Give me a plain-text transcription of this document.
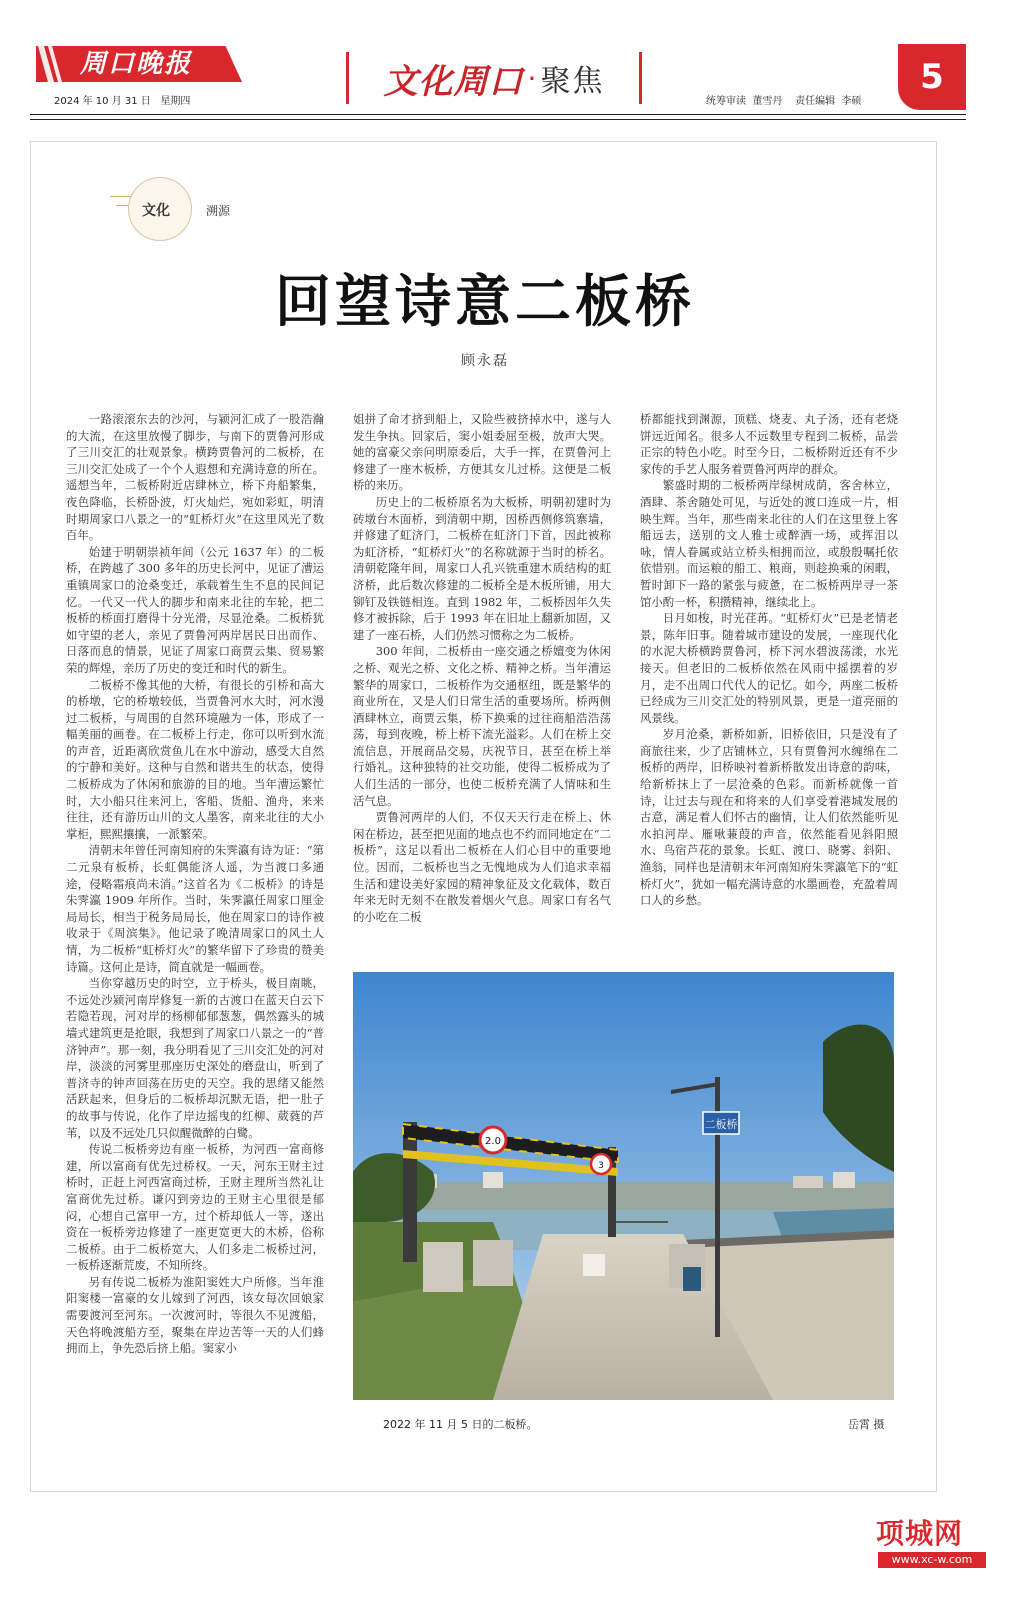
周口晚报
2024 年 10 月 31 日   星期四	文化周口 · 聚焦
统筹审读  董雪丹    责任编辑  李硕
5
文化	溯源
回望诗意二板桥
顾永磊

一路滚滚东去的沙河，与颍河汇成了一股浩瀚的大流，在这里放慢了脚步，与南下的贾鲁河形成了三川交汇的壮观景象。横跨贾鲁河的二板桥，在三川交汇处成了一个个人遐想和充满诗意的所在。遥想当年，二板桥附近店肆林立，桥下舟船繁集，夜色降临，长桥卧波，灯火灿烂，宛如彩虹，明清时期周家口八景之一的“虹桥灯火”在这里风光了数百年。

始建于明朝崇祯年间（公元 1637 年）的二板桥，在跨越了 300 多年的历史长河中，见证了漕运重镇周家口的沧桑变迁，承载着生生不息的民间记忆。一代又一代人的脚步和南来北往的车轮，把二板桥的桥面打磨得十分光滑，尽显沧桑。二板桥犹如守望的老人，亲见了贾鲁河两岸居民日出而作、日落而息的情景，见证了周家口商贾云集、贸易繁荣的辉煌，亲历了历史的变迁和时代的新生。

二板桥不像其他的大桥，有很长的引桥和高大的桥墩，它的桥墩较低，当贾鲁河水大时，河水漫过二板桥，与周围的自然环境融为一体，形成了一幅美丽的画卷。在二板桥上行走，你可以听到水流的声音，近距离欣赏鱼儿在水中游动，感受大自然的宁静和美好。这种与自然和谐共生的状态，使得二板桥成为了休闲和旅游的目的地。当年漕运繁忙时，大小船只往来河上，客船、货船、渔舟，来来往往，还有游历山川的文人墨客，南来北往的大小掌柜，熙熙攘攘，一派繁荣。

清朝末年曾任河南知府的朱霁瀛有诗为证：“第二元泉有板桥，长虹偶能济人遥，为当渡口多通途，侵略霜痕尚未消。”这首名为《二板桥》的诗是朱霁瀛 1909 年所作。当时，朱霁瀛任周家口厘金局局长，相当于税务局局长，他在周家口的诗作被收录于《周滨集》。他记录了晚清周家口的风土人情，为二板桥“虹桥灯火”的繁华留下了珍贵的赞美诗篇。这何止是诗，简直就是一幅画卷。

当你穿越历史的时空，立于桥头，极目南眺，不远处沙颍河南岸修复一新的古渡口在蓝天白云下若隐若现，河对岸的杨柳郁郁葱葱，偶然露头的城墙式建筑更是抢眼，我想到了周家口八景之一的“普济钟声”。那一刻，我分明看见了三川交汇处的河对岸，淡淡的河雾里那座历史深处的磨盘山，听到了普济寺的钟声回荡在历史的天空。我的思绪又能然活跃起来，但身后的二板桥却沉默无语，把一肚子的故事与传说，化作了岸边摇曳的红柳、葳蕤的芦苇，以及不远处几只似醒微醉的白鹭。

传说二板桥旁边有座一板桥，为河西一富商修建，所以富商有优先过桥权。一天，河东王财主过桥时，正赶上河西富商过桥，王财主理所当然礼让富商优先过桥。谦闪到旁边的王财主心里很是郁闷，心想自己富甲一方，过个桥却低人一等，遂出资在一板桥旁边修建了一座更宽更大的木桥，俗称二板桥。由于二板桥宽大，人们多走二板桥过河，一板桥逐渐荒废，不知所终。

另有传说二板桥为淮阳窦姓大户所修。当年淮阳窦楼一富豪的女儿嫁到了河西，该女每次回娘家需要渡河至河东。一次渡河时，等很久不见渡船，天色将晚渡船方至，聚集在岸边苦等一天的人们蜂拥而上，争先恐后挤上船。窦家小

姐拼了命才挤到船上，又险些被挤掉水中，遂与人发生争执。回家后，窦小姐委屈至极，放声大哭。她的富豪父亲问明原委后，大手一挥，在贾鲁河上修建了一座木板桥，方便其女儿过桥。这便是二板桥的来历。

历史上的二板桥原名为大板桥，明朝初建时为砖墩台木面桥，到清朝中期，因桥西侧修筑寨墙，并修建了虹济门，二板桥在虹济门下首，因此被称为虹济桥，“虹桥灯火”的名称就源于当时的桥名。清朝乾隆年间，周家口人孔兴铣重建木质结构的虹济桥，此后数次修建的二板桥全是木板所铺，用大铆钉及铁链相连。直到 1982 年，二板桥因年久失修才被拆除，后于 1993 年在旧址上翻新加固，又建了一座石桥，人们仍然习惯称之为二板桥。

300 年间，二板桥由一座交通之桥嬗变为休闲之桥、观光之桥、文化之桥、精神之桥。当年漕运繁华的周家口，二板桥作为交通枢纽，既是繁华的商业所在，又是人们日常生活的重要场所。桥两侧酒肆林立，商贾云集，桥下换乘的过往商船浩浩荡荡，每到夜晚，桥上桥下流光溢彩。人们在桥上交流信息，开展商品交易，庆祝节日，甚至在桥上举行婚礼。这种独特的社交功能，使得二板桥成为了人们生活的一部分，也使二板桥充满了人情味和生活气息。

贾鲁河两岸的人们，不仅天天行走在桥上、休闲在桥边，甚至把见面的地点也不约而同地定在“二板桥”，这足以看出二板桥在人们心目中的重要地位。因而，二板桥也当之无愧地成为人们追求幸福生活和建设美好家园的精神象征及文化载体，数百年来无时无刻不在散发着烟火气息。周家口有名气的小吃在二板

桥都能找到渊源，顶糕、烧麦、丸子汤，还有老烧饼远近闻名。很多人不远数里专程到二板桥，品尝正宗的特色小吃。时至今日，二板桥附近还有不少家传的手艺人服务着贾鲁河两岸的群众。

繁盛时期的二板桥两岸绿树成荫，客舍林立，酒肆、茶舍随处可见，与近处的渡口连成一片，相映生辉。当年，那些南来北往的人们在这里登上客船远去，送别的文人雅士或醉酒一场，或挥泪以咏，情人眷属或站立桥头相拥而泣，或殷殷嘱托依依惜别。而运粮的船工、粮商，则趁换乘的闲暇，暂时卸下一路的紧张与疲惫，在二板桥两岸寻一茶馆小酌一杯，积攒精神，继续北上。

日月如梭，时光荏苒。“虹桥灯火”已是老情老景，陈年旧事。随着城市建设的发展，一座现代化的水泥大桥横跨贾鲁河，桥下河水碧波荡漾，水光接天。但老旧的二板桥依然在风雨中摇摆着的岁月，走不出周口代代人的记忆。如今，两座二板桥已经成为三川交汇处的特别风景，更是一道亮丽的风景线。

岁月沧桑，新桥如新，旧桥依旧，只是没有了商旅往来，少了店铺林立，只有贾鲁河水缠绵在二板桥的两岸，旧桥映衬着新桥散发出诗意的韵味，给新桥抹上了一层沧桑的色彩。而新桥就像一首诗，让过去与现在和将来的人们享受着港城发展的古意，满足着人们怀古的幽情，让人们依然能听见水拍河岸、雁啾蒹葭的声音，依然能看见斜阳照水、鸟宿芦花的景象。长虹、渡口、晓雾、斜阳、渔翁，同样也是清朝末年河南知府朱霁瀛笔下的“虹桥灯火”，犹如一幅充满诗意的水墨画卷，充盈着周口人的乡愁。

2.0
3
二板桥
2022 年 11 月 5 日的二板桥。	岳霄 摄
项城网
www.xc-w.com
